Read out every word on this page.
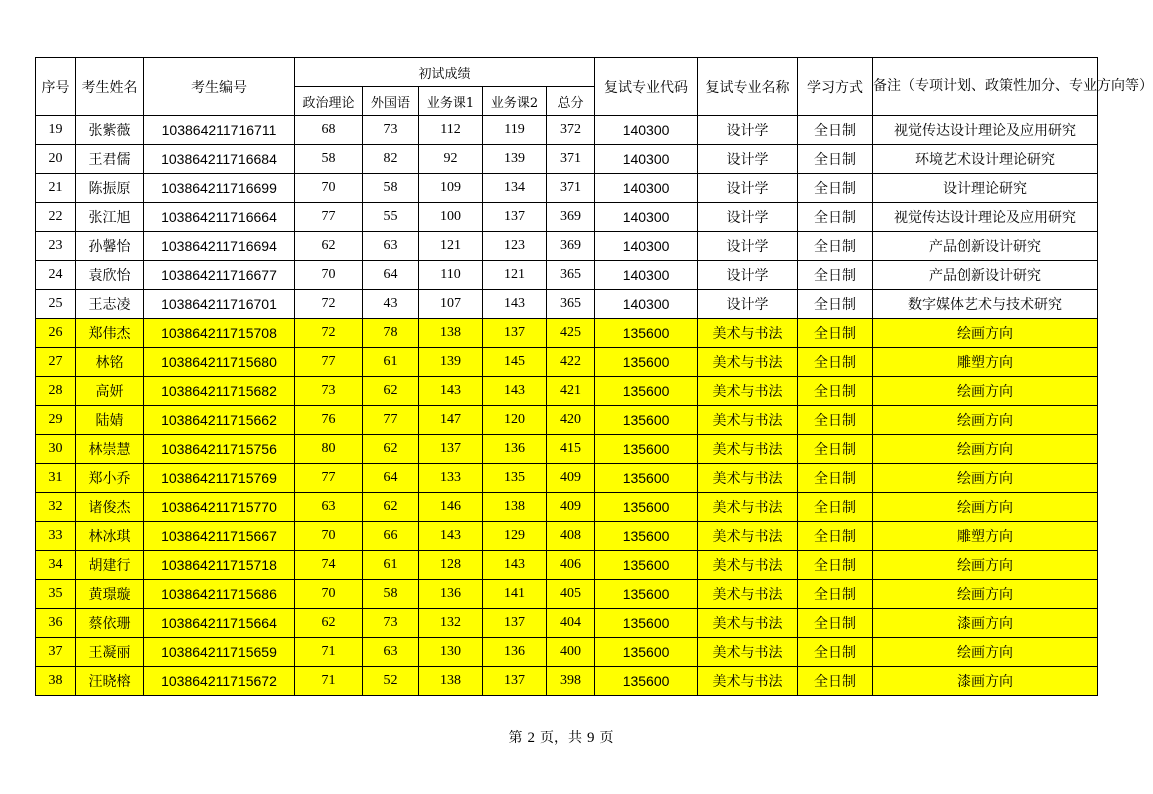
序号	考生姓名	考生编号	初试成绩					复试专业代码	复试专业名称	学习方式	备注（专项计划、政策性加分、专业方向等）
			政治理论	外国语	业务课1	业务课2	总分				
19	张紫薇	103864211716711	68	73	112	119	372	140300	设计学	全日制	视觉传达设计理论及应用研究
20	王君儒	103864211716684	58	82	92	139	371	140300	设计学	全日制	环境艺术设计理论研究
21	陈振原	103864211716699	70	58	109	134	371	140300	设计学	全日制	设计理论研究
22	张江旭	103864211716664	77	55	100	137	369	140300	设计学	全日制	视觉传达设计理论及应用研究
23	孙馨怡	103864211716694	62	63	121	123	369	140300	设计学	全日制	产品创新设计研究
24	袁欣怡	103864211716677	70	64	110	121	365	140300	设计学	全日制	产品创新设计研究
25	王志凌	103864211716701	72	43	107	143	365	140300	设计学	全日制	数字媒体艺术与技术研究
26	郑伟杰	103864211715708	72	78	138	137	425	135600	美术与书法	全日制	绘画方向
27	林铭	103864211715680	77	61	139	145	422	135600	美术与书法	全日制	雕塑方向
28	高妍	103864211715682	73	62	143	143	421	135600	美术与书法	全日制	绘画方向
29	陆婧	103864211715662	76	77	147	120	420	135600	美术与书法	全日制	绘画方向
30	林崇慧	103864211715756	80	62	137	136	415	135600	美术与书法	全日制	绘画方向
31	郑小乔	103864211715769	77	64	133	135	409	135600	美术与书法	全日制	绘画方向
32	诸俊杰	103864211715770	63	62	146	138	409	135600	美术与书法	全日制	绘画方向
33	林冰琪	103864211715667	70	66	143	129	408	135600	美术与书法	全日制	雕塑方向
34	胡建行	103864211715718	74	61	128	143	406	135600	美术与书法	全日制	绘画方向
35	黄璟璇	103864211715686	70	58	136	141	405	135600	美术与书法	全日制	绘画方向
36	蔡依珊	103864211715664	62	73	132	137	404	135600	美术与书法	全日制	漆画方向
37	王凝丽	103864211715659	71	63	130	136	400	135600	美术与书法	全日制	绘画方向
38	汪晓榕	103864211715672	71	52	138	137	398	135600	美术与书法	全日制	漆画方向
第 2 页，共 9 页
